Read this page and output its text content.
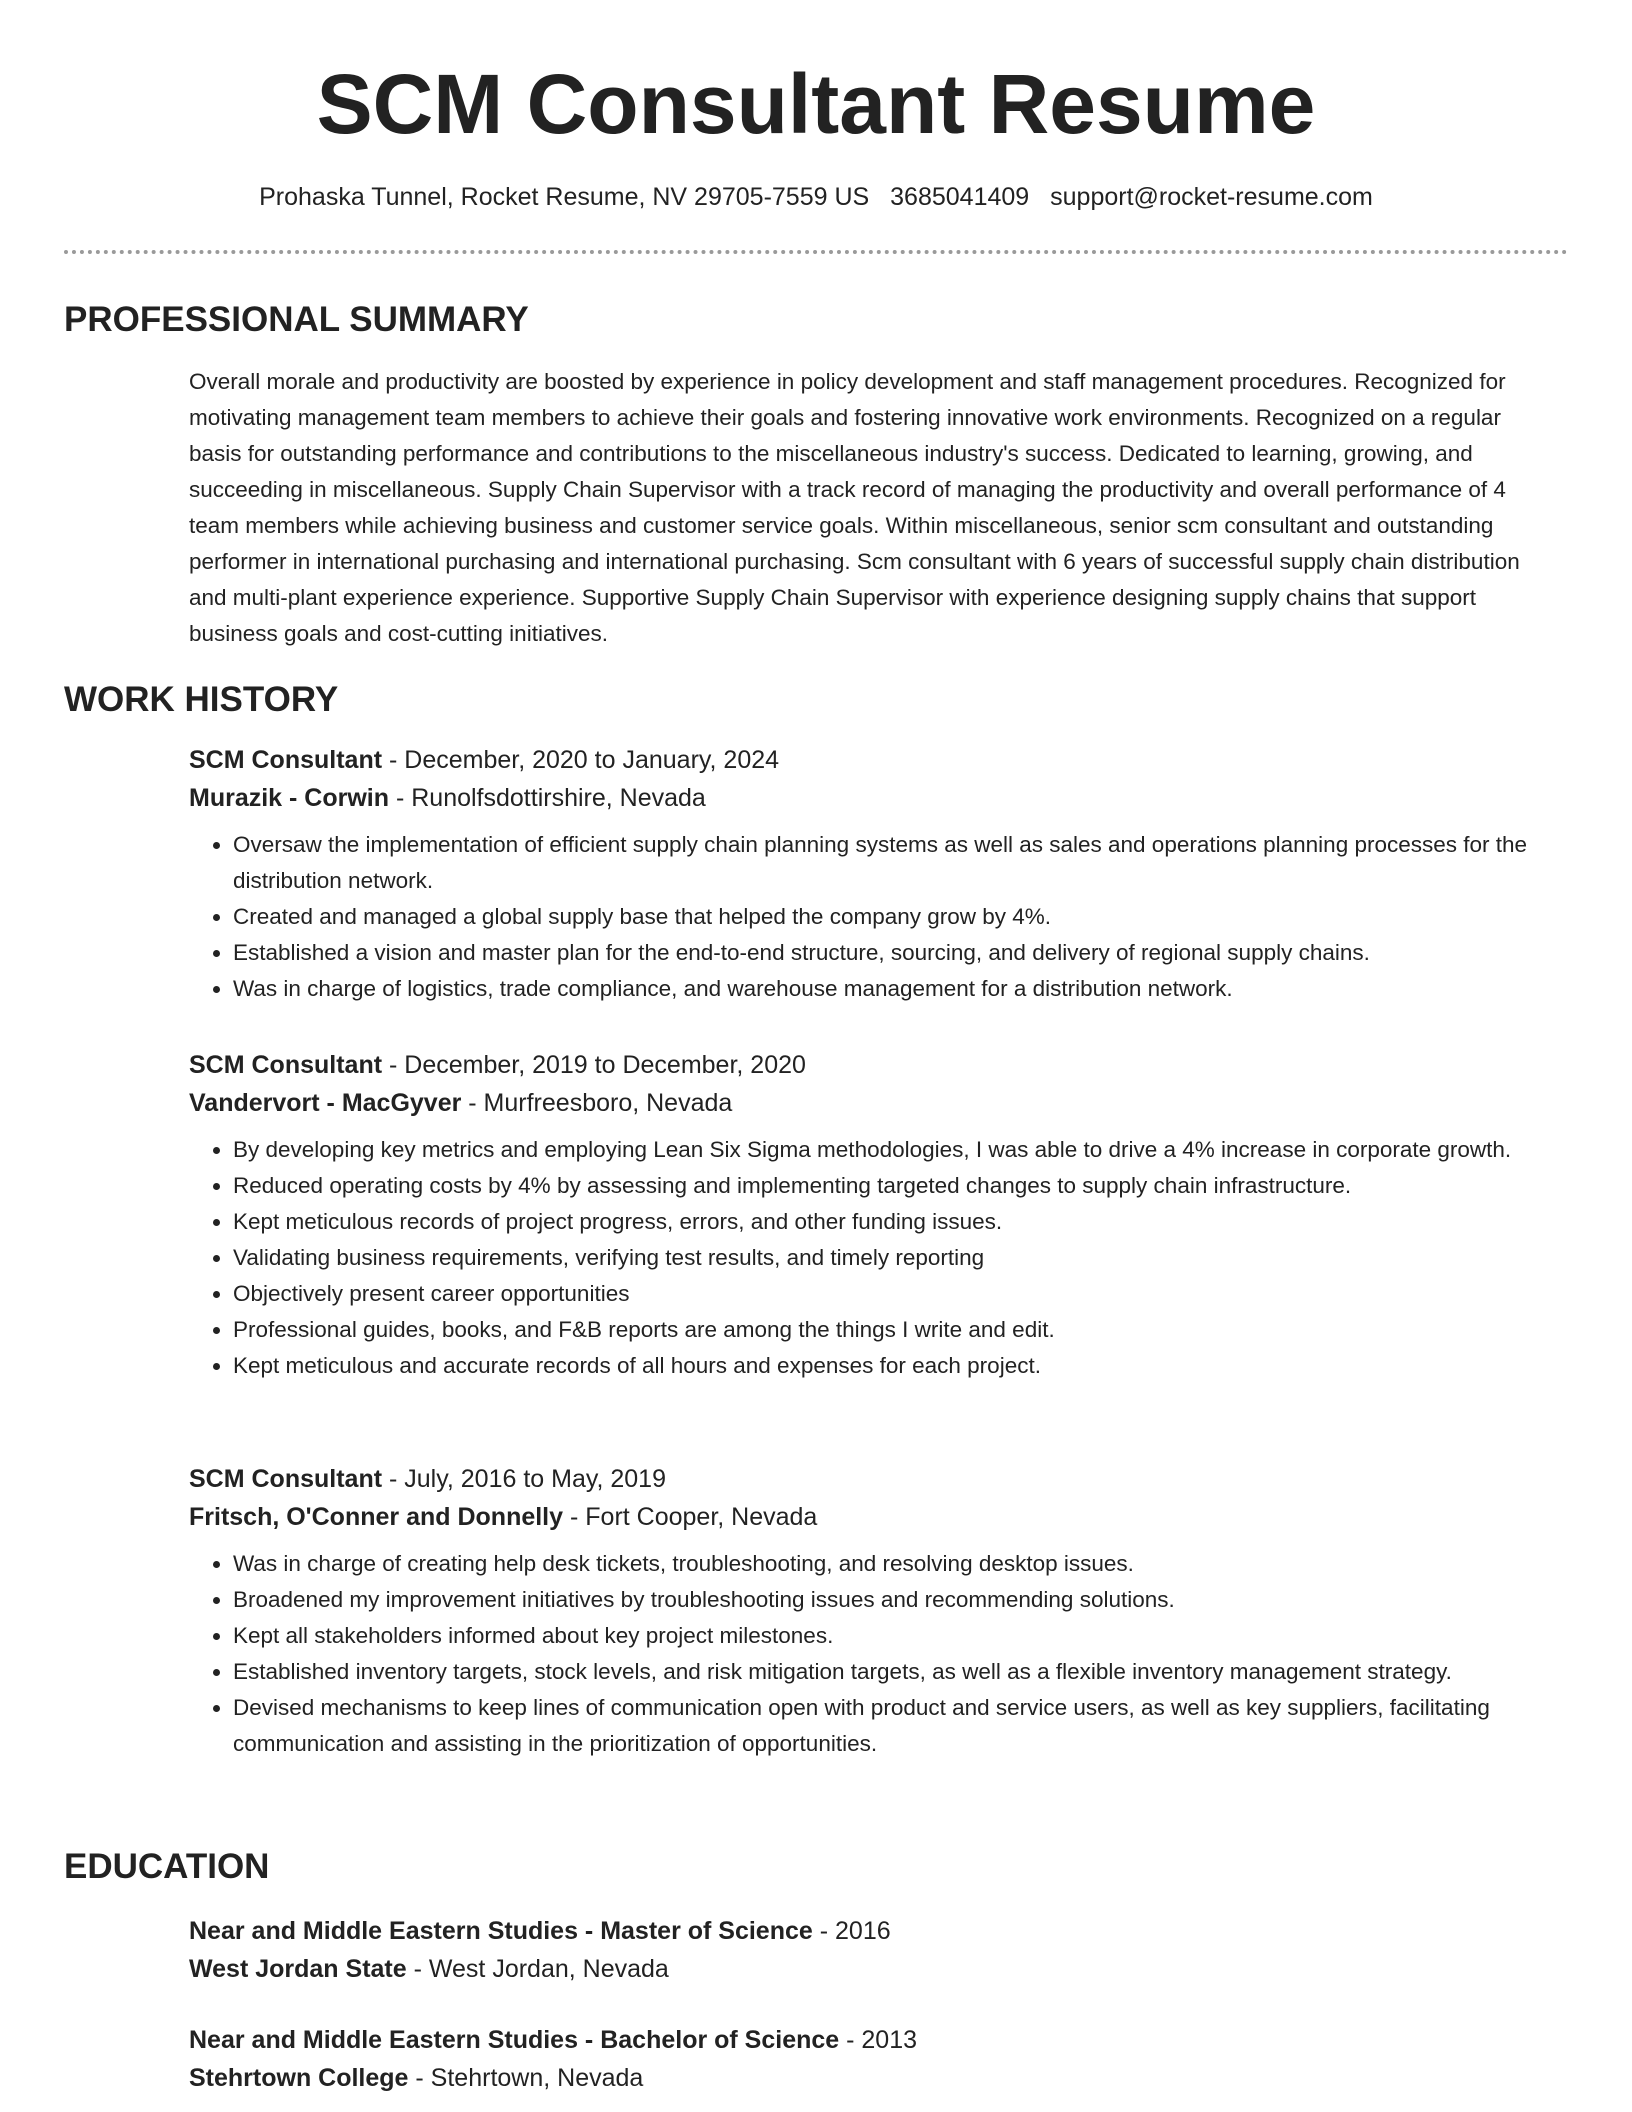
SCM Consultant Resume
Prohaska Tunnel, Rocket Resume, NV 29705-7559 US 3685041409 support@rocket-resume.com
PROFESSIONAL SUMMARY

Overall morale and productivity are boosted by experience in policy development and staff management procedures. Recognized for motivating management team members to achieve their goals and fostering innovative work environments. Recognized on a regular basis for outstanding performance and contributions to the miscellaneous industry's success. Dedicated to learning, growing, and succeeding in miscellaneous. Supply Chain Supervisor with a track record of managing the productivity and overall performance of 4 team members while achieving business and customer service goals. Within miscellaneous, senior scm consultant and outstanding performer in international purchasing and international purchasing. Scm consultant with 6 years of successful supply chain distribution and multi-plant experience experience. Supportive Supply Chain Supervisor with experience designing supply chains that support business goals and cost-cutting initiatives.

WORK HISTORY
SCM Consultant - December, 2020 to January, 2024
Murazik - Corwin - Runolfsdottirshire, Nevada
• Oversaw the implementation of efficient supply chain planning systems as well as sales and operations planning processes for the distribution network.
• Created and managed a global supply base that helped the company grow by 4%.
• Established a vision and master plan for the end-to-end structure, sourcing, and delivery of regional supply chains.
• Was in charge of logistics, trade compliance, and warehouse management for a distribution network.
SCM Consultant - December, 2019 to December, 2020
Vandervort - MacGyver - Murfreesboro, Nevada
• By developing key metrics and employing Lean Six Sigma methodologies, I was able to drive a 4% increase in corporate growth.
• Reduced operating costs by 4% by assessing and implementing targeted changes to supply chain infrastructure.
• Kept meticulous records of project progress, errors, and other funding issues.
• Validating business requirements, verifying test results, and timely reporting
• Objectively present career opportunities
• Professional guides, books, and F&B reports are among the things I write and edit.
• Kept meticulous and accurate records of all hours and expenses for each project.
SCM Consultant - July, 2016 to May, 2019
Fritsch, O'Conner and Donnelly - Fort Cooper, Nevada
• Was in charge of creating help desk tickets, troubleshooting, and resolving desktop issues.
• Broadened my improvement initiatives by troubleshooting issues and recommending solutions.
• Kept all stakeholders informed about key project milestones.
• Established inventory targets, stock levels, and risk mitigation targets, as well as a flexible inventory management strategy.
• Devised mechanisms to keep lines of communication open with product and service users, as well as key suppliers, facilitating communication and assisting in the prioritization of opportunities.
EDUCATION
Near and Middle Eastern Studies - Master of Science - 2016
West Jordan State - West Jordan, Nevada
Near and Middle Eastern Studies - Bachelor of Science - 2013
Stehrtown College - Stehrtown, Nevada
